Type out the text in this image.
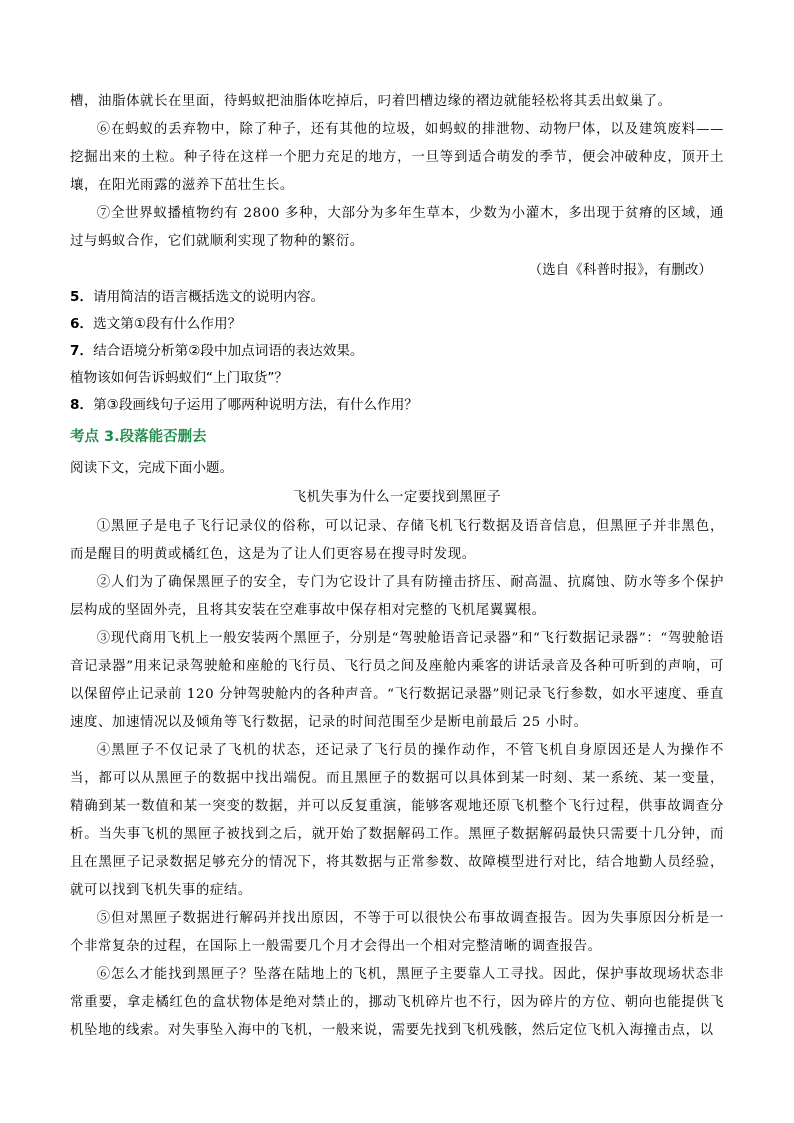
槽，油脂体就长在里面，待蚂蚁把油脂体吃掉后，叼着凹槽边缘的褶边就能轻松将其丢出蚁巢了。

⑥在蚂蚁的丢弃物中，除了种子，还有其他的垃圾，如蚂蚁的排泄物、动物尸体，以及建筑废料——挖掘出来的土粒。种子待在这样一个肥力充足的地方，一旦等到适合萌发的季节，便会冲破种皮，顶开土壤，在阳光雨露的滋养下茁壮生长。

⑦全世界蚁播植物约有 2800 多种，大部分为多年生草本，少数为小灌木，多出现于贫瘠的区域，通过与蚂蚁合作，它们就顺利实现了物种的繁衍。

（选自《科普时报》，有删改）

5．请用简洁的语言概括选文的说明内容。

6．选文第①段有什么作用？

7．结合语境分析第②段中加点词语的表达效果。

植物该如何告诉蚂蚁们“上门取货”？

8．第③段画线句子运用了哪两种说明方法，有什么作用？

考点 3.段落能否删去

阅读下文，完成下面小题。

飞机失事为什么一定要找到黑匣子

①黑匣子是电子飞行记录仪的俗称，可以记录、存储飞机飞行数据及语音信息，但黑匣子并非黑色，而是醒目的明黄或橘红色，这是为了让人们更容易在搜寻时发现。

②人们为了确保黑匣子的安全，专门为它设计了具有防撞击挤压、耐高温、抗腐蚀、防水等多个保护层构成的坚固外壳，且将其安装在空难事故中保存相对完整的飞机尾翼翼根。

③现代商用飞机上一般安装两个黑匣子，分别是“驾驶舱语音记录器”和“飞行数据记录器”：“驾驶舱语音记录器”用来记录驾驶舱和座舱的飞行员、飞行员之间及座舱内乘客的讲话录音及各种可听到的声响，可以保留停止记录前 120 分钟驾驶舱内的各种声音。“飞行数据记录器”则记录飞行参数，如水平速度、垂直速度、加速情况以及倾角等飞行数据，记录的时间范围至少是断电前最后 25 小时。

④黑匣子不仅记录了飞机的状态，还记录了飞行员的操作动作，不管飞机自身原因还是人为操作不当，都可以从黑匣子的数据中找出端倪。而且黑匣子的数据可以具体到某一时刻、某一系统、某一变量，精确到某一数值和某一突变的数据，并可以反复重演，能够客观地还原飞机整个飞行过程，供事故调查分析。当失事飞机的黑匣子被找到之后，就开始了数据解码工作。黑匣子数据解码最快只需要十几分钟，而且在黑匣子记录数据足够充分的情况下，将其数据与正常参数、故障模型进行对比，结合地勤人员经验，就可以找到飞机失事的症结。

⑤但对黑匣子数据进行解码并找出原因，不等于可以很快公布事故调查报告。因为失事原因分析是一个非常复杂的过程，在国际上一般需要几个月才会得出一个相对完整清晰的调查报告。

⑥怎么才能找到黑匣子？坠落在陆地上的飞机，黑匣子主要靠人工寻找。因此，保护事故现场状态非常重要，拿走橘红色的盒状物体是绝对禁止的，挪动飞机碎片也不行，因为碎片的方位、朝向也能提供飞机坠地的线索。对失事坠入海中的飞机，一般来说，需要先找到飞机残骸，然后定位飞机入海撞击点，以
